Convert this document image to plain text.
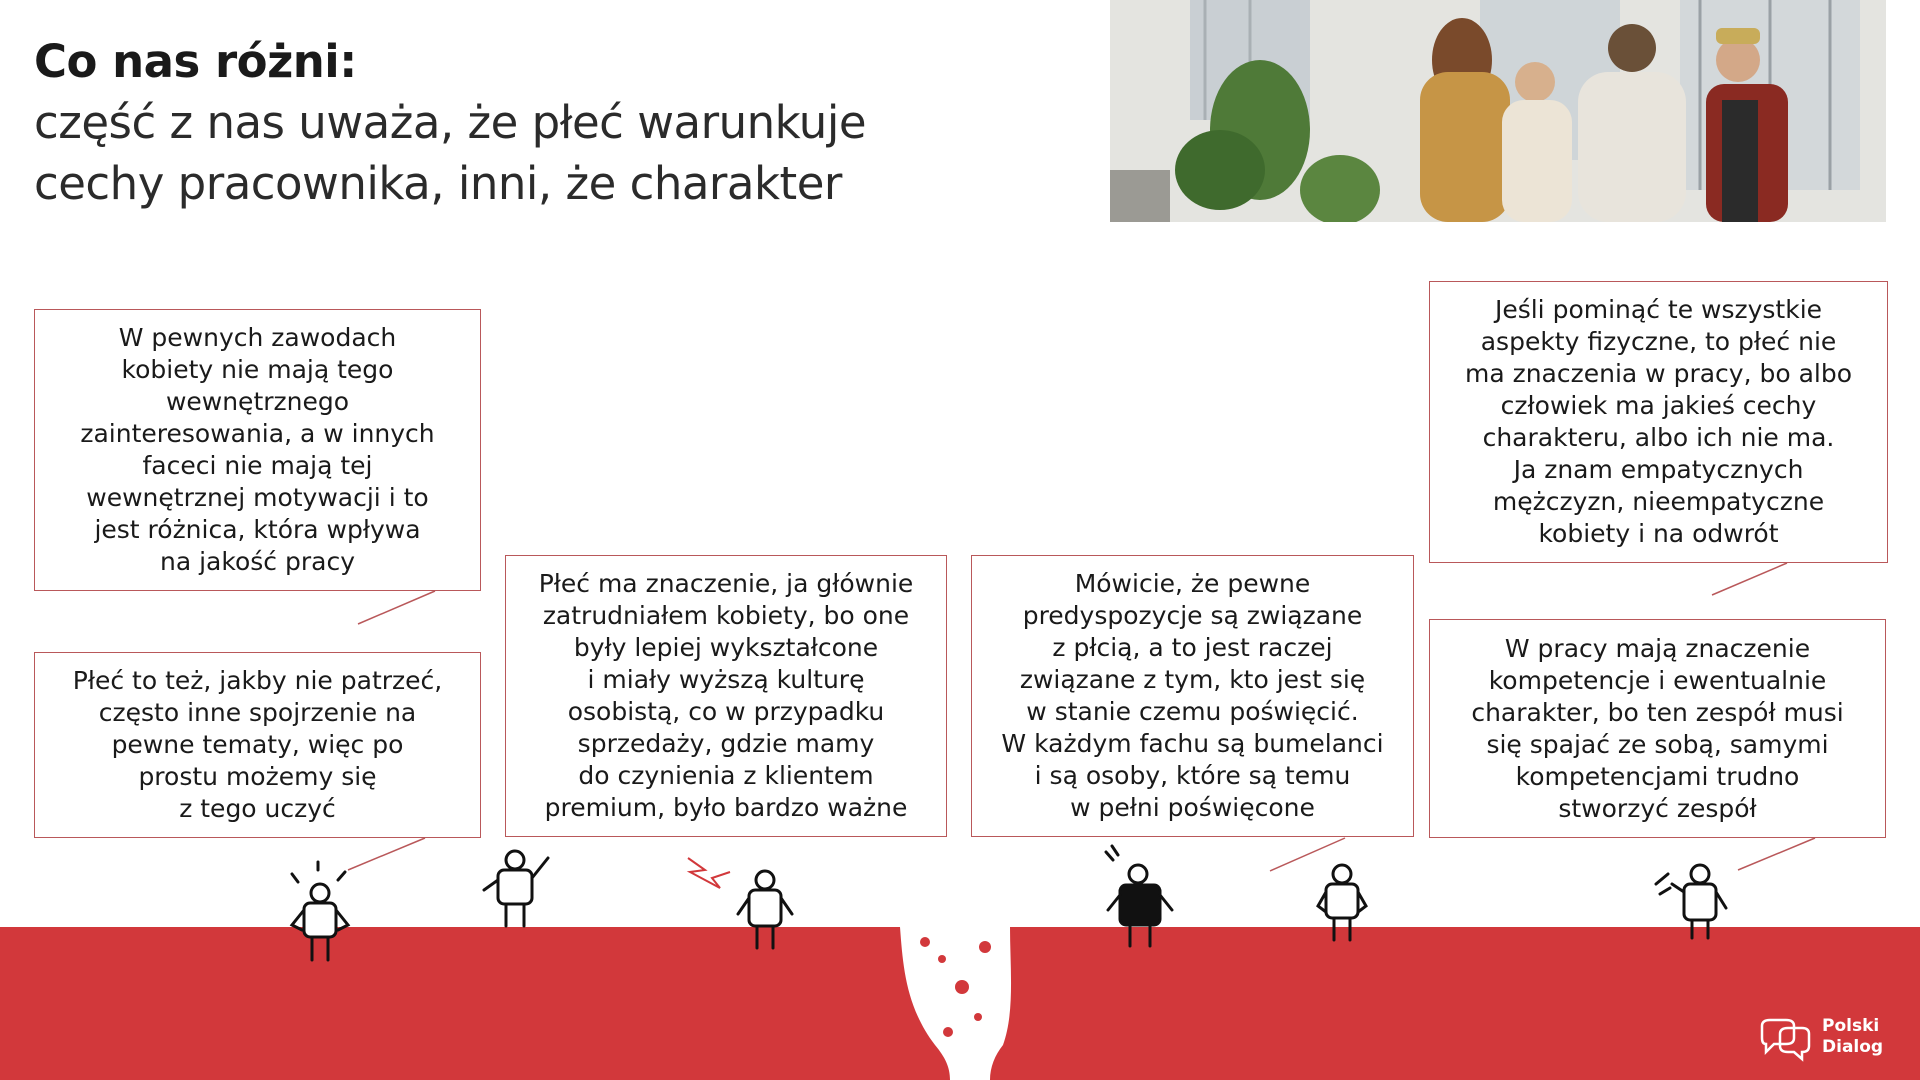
Co nas różni:
część z nas uważa, że płeć warunkuje
cechy pracownika, inni, że charakter
W pewnych zawodach
kobiety nie mają tego
wewnętrznego
zainteresowania, a w innych
faceci nie mają tej
wewnętrznej motywacji i to
jest różnica, która wpływa
na jakość pracy
Płeć to też, jakby nie patrzeć,
często inne spojrzenie na
pewne tematy, więc po
prostu możemy się
z tego uczyć
Płeć ma znaczenie, ja głównie
zatrudniałem kobiety, bo one
były lepiej wykształcone
i miały wyższą kulturę
osobistą, co w przypadku
sprzedaży, gdzie mamy
do czynienia z klientem
premium, było bardzo ważne
Mówicie, że pewne
predyspozycje są związane
z płcią, a to jest raczej
związane z tym, kto jest się
w stanie czemu poświęcić.
W każdym fachu są bumelanci
i są osoby, które są temu
w pełni poświęcone
Jeśli pominąć te wszystkie
aspekty fizyczne, to płeć nie
ma znaczenia w pracy, bo albo
człowiek ma jakieś cechy
charakteru, albo ich nie ma.
Ja znam empatycznych
mężczyzn, nieempatyczne
kobiety i na odwrót
W pracy mają znaczenie
kompetencje i ewentualnie
charakter, bo ten zespół musi
się spajać ze sobą, samymi
kompetencjami trudno
stworzyć zespół
Polski
Dialog
